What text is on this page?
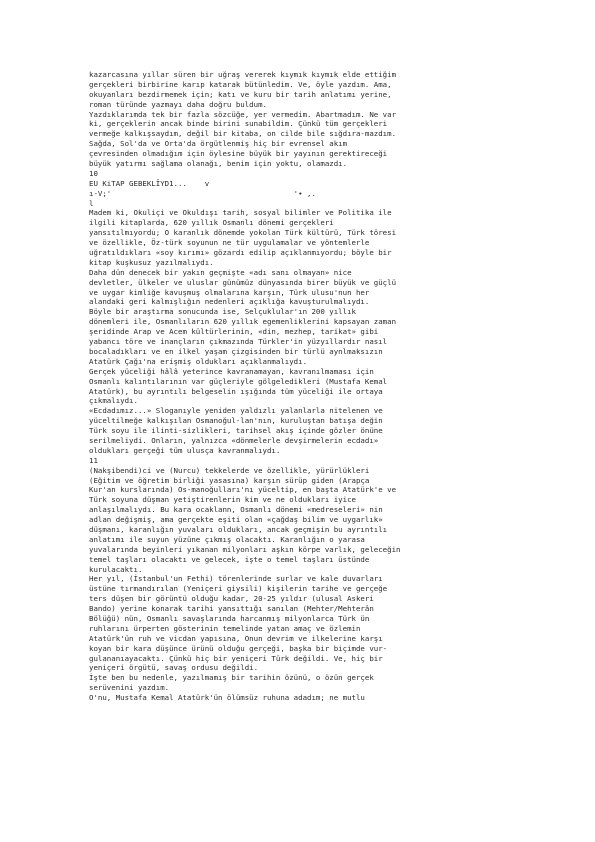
kazarcasına yıllar süren bir uğraş vererek kıymık kıymık elde ettiğim
gerçekleri birbirine karıp katarak bütünledim. Ve, öyle yazdım. Ama,
okuyanları bezdirmemek için; katı ve kuru bir tarih anlatımı yerine,
roman türünde yazmayı daha doğru buldum.
Yazdıklarımda tek bir fazla sözcüğe, yer vermedim. Abartmadım. Ne var
ki, gerçeklerin ancak binde birini sunabildim. Çünkü tüm gerçekleri
vermeğe kalkışsaydım, değil bir kitaba, on cilde bile sığdıra-mazdım.
Sağda, Sol'da ve Orta'da örgütlenmiş hiç bir evrensel akım
çevresinden olmadığım için öylesine büyük bir yayının gerektireceği
büyük yatırmı sağlama olanağı, benim için yoktu, olamazdı.
10
EU KiTAP GEBEKLÎYD1...    v
ı-V;'                                         '• ,.
l
Madem ki, Okuliçi ve Okuldışı tarih, sosyal bilimler ve Politika ile
ilgili kitaplarda, 620 yıllık Osmanlı dönemi gerçekleri
yansıtılmıyordu; O karanlık dönemde yokolan Türk kültürü, Türk töresi
ve özellikle, Öz-türk soyunun ne tür uygulamalar ve yöntemlerle
uğratıldıkları «soy kırımı» gözardı edilip açıklanmıyordu; böyle bir
kitap kuşkusuz yazılmalıydı.
Daha dün denecek bir yakın geçmişte «adı sanı olmayan» nice
devletler, ülkeler ve uluslar günümüz dünyasında birer büyük ve güçlü
ve uygar kimliğe kavuşmuş olmalarına karşın, Türk ulusu'nun her
alandaki geri kalmışlığın nedenleri açıklığa kavuşturulmalıydı.
Böyle bir araştırma sonucunda ise, Selçuklular'ın 200 yıllık
dönemleri ile, Osmanlıların 620 yıllık egemenliklerini kapsayan zaman
şeridinde Arap ve Acem kültürlerinin, «din, mezhep, tarikat» gibi
yabancı töre ve inançların çıkmazında Türkler'in yüzyıllardır nasıl
bocaladıkları ve en ilkel yaşam çizgisinden bir türlü aynlmaksızın
Atatürk Çağı'na erişmiş oldukları açıklanmalıydı.
Gerçek yüceliği hâlâ yeterince kavranamayan, kavranılmaması için
Osmanlı kalıntılarının var güçleriyle gölgeledikleri (Mustafa Kemal
Atatürk), bu ayrıntılı belgeselin ışığında tüm yüceliği ile ortaya
çıkmalıydı.
«Ecdadımız...» Sloganıyle yeniden yaldızlı yalanlarla nitelenen ve
yüceltilmeğe kalkışılan Osmanoğul-lan'nın, kuruluştan batışa değin
Türk soyu ile ilinti-sizlikleri, tarihsel akış içinde gözler önüne
serilmeliydi. Onların, yalnızca «dönmelerle devşirmelerin ecdadı»
oldukları gerçeği tüm ulusça kavranmalıydı.
11
(Nakşibendi)ci ve (Nurcu) tekkelerde ve özellikle, yürürlükleri
(Eğitim ve öğretim birliği yasasına) karşın sürüp giden (Arapça
Kur'an kurslarında) Os-manoğulları'nı yüceltip, en başta Atatürk'e ve
Türk soyuna düşman yetiştirenlerin kim ve ne oldukları iyice
anlaşılmalıydı. Bu kara ocaklann, Osmanlı dönemi «medreseleri» nin
adlan değişmiş, ama gerçekte eşiti olan «çağdaş bilim ve uygarlık»
düşmanı, karanlığın yuvaları oldukları, ancak geçmişin bu ayrıntılı
anlatımı ile suyun yüzüne çıkmış olacaktı. Karanlığın o yarasa
yuvalarında beyinleri yıkanan milyonları aşkın körpe varlık, geleceğin
temel taşları olacaktı ve gelecek, işte o temel taşları üstünde
kurulacaktı.
Her yıl, (İstanbul'un Fethi) törenlerinde surlar ve kale duvarları
üstüne tırmandırılan (Yeniçeri giysili) kişilerin tarihe ve gerçeğe
ters düşen bir görüntü olduğu kadar, 20-25 yıldır (ulusal Askeri
Bando) yerine konarak tarihi yansıttığı sanılan (Mehter/Mehterân
Bölüğü) nün, Osmanlı savaşlarında harcanmış milyonlarca Türk ün
ruhlarını ürperten gösterinin temelinde yatan amaç ve özlemin
Atatürk'ün ruh ve vicdan yapısına, Onun devrim ve ilkelerine karşı
koyan bir kara düşünce ürünü olduğu gerçeği, başka bir biçimde vur-
gulananıayacaktı. Çünkü hiç bir yeniçeri Türk değildi. Ve, hiç bir
yeniçeri örgütü, savaş ordusu değildi.
İşte ben bu nedenle, yazılmamış bir tarihin özünü, o özün gerçek
serüvenini yazdım.
O'nu, Mustafa Kemal Atatürk'ün ölümsüz ruhuna adadım; ne mutlu
